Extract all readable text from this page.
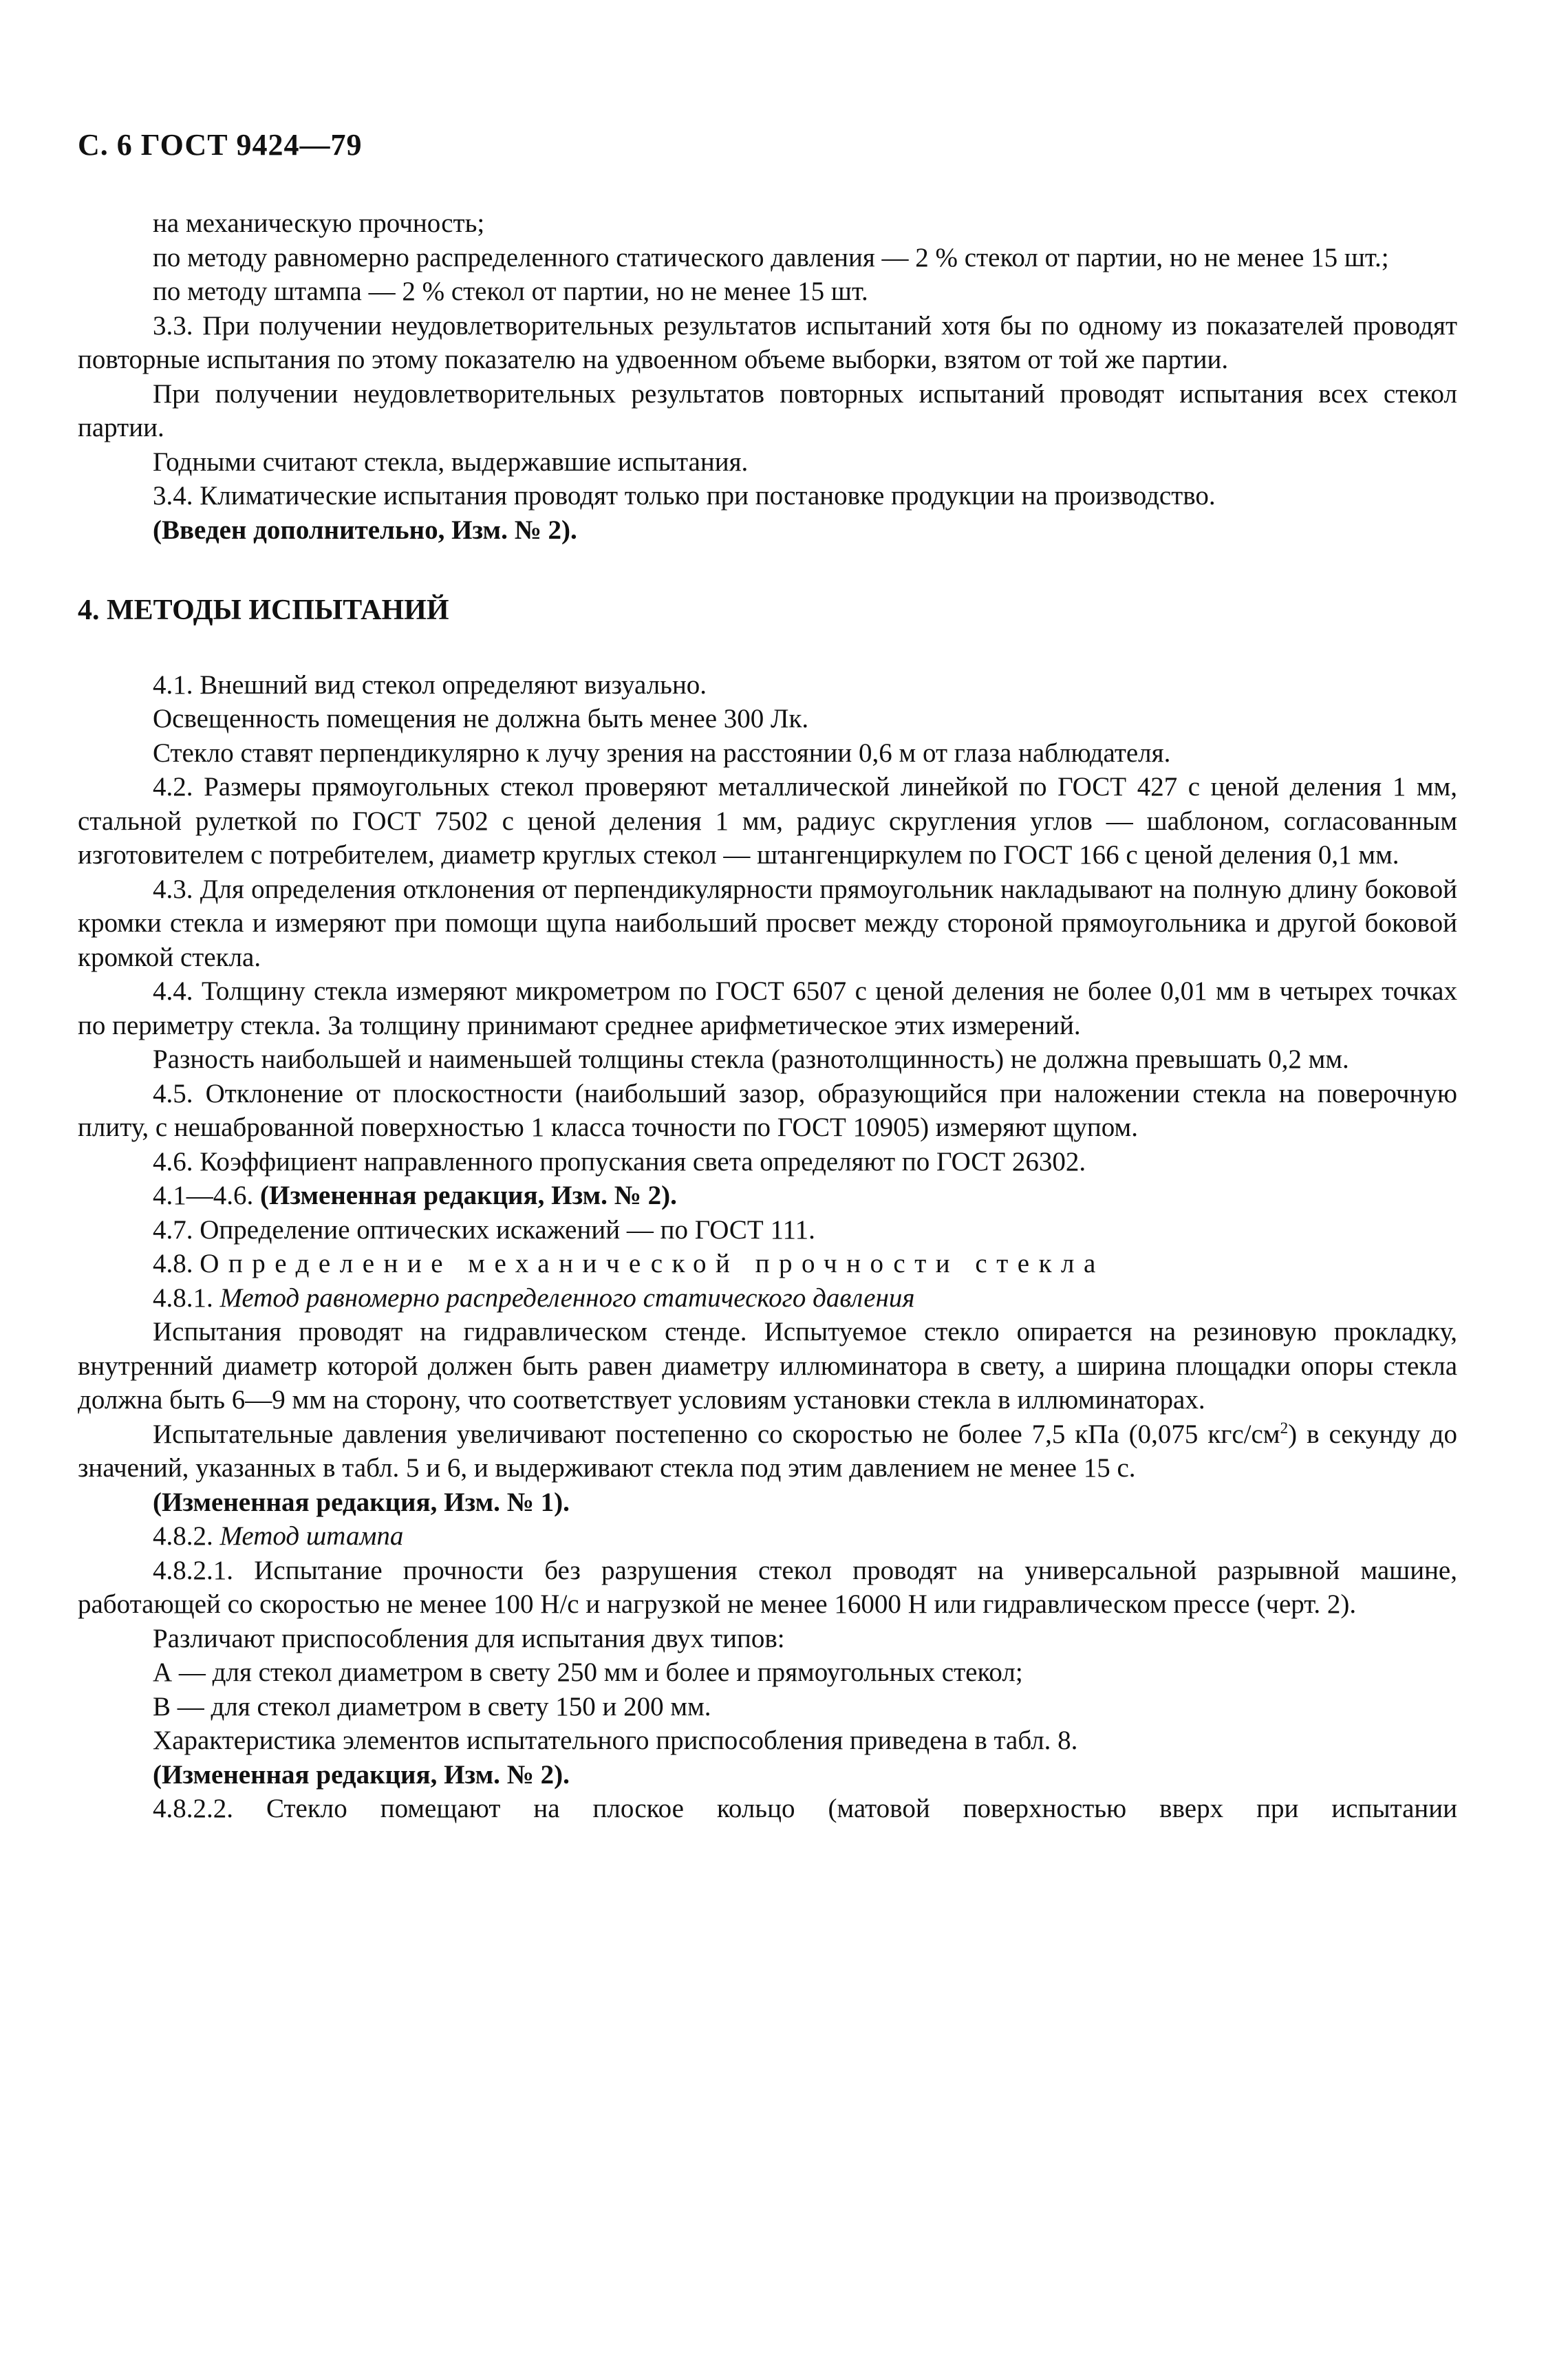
С. 6 ГОСТ 9424—79

на механическую прочность;

по методу равномерно распределенного статического давления — 2 % стекол от партии, но не менее 15 шт.;

по методу штампа — 2 % стекол от партии, но не менее 15 шт.

3.3. При получении неудовлетворительных результатов испытаний хотя бы по одному из показателей проводят повторные испытания по этому показателю на удвоенном объеме выборки, взятом от той же партии.

При получении неудовлетворительных результатов повторных испытаний проводят испытания всех стекол партии.

Годными считают стекла, выдержавшие испытания.

3.4. Климатические испытания проводят только при постановке продукции на производство.

(Введен дополнительно, Изм. № 2).

4. МЕТОДЫ ИСПЫТАНИЙ

4.1. Внешний вид стекол определяют визуально.

Освещенность помещения не должна быть менее 300 Лк.

Стекло ставят перпендикулярно к лучу зрения на расстоянии 0,6 м от глаза наблюдателя.

4.2. Размеры прямоугольных стекол проверяют металлической линейкой по ГОСТ 427 с ценой деления 1 мм, стальной рулеткой по ГОСТ 7502 с ценой деления 1 мм, радиус скругления углов — шаблоном, согласованным изготовителем с потребителем, диаметр круглых стекол — штангенциркулем по ГОСТ 166 с ценой деления 0,1 мм.

4.3. Для определения отклонения от перпендикулярности прямоугольник накладывают на полную длину боковой кромки стекла и измеряют при помощи щупа наибольший просвет между стороной прямоугольника и другой боковой кромкой стекла.

4.4. Толщину стекла измеряют микрометром по ГОСТ 6507 с ценой деления не более 0,01 мм в четырех точках по периметру стекла. За толщину принимают среднее арифметическое этих измерений.

Разность наибольшей и наименьшей толщины стекла (разнотолщинность) не должна превышать 0,2 мм.

4.5. Отклонение от плоскостности (наибольший зазор, образующийся при наложении стекла на поверочную плиту, с нешаброванной поверхностью 1 класса точности по ГОСТ 10905) измеряют щупом.

4.6. Коэффициент направленного пропускания света определяют по ГОСТ 26302.

4.1—4.6. (Измененная редакция, Изм. № 2).

4.7. Определение оптических искажений — по ГОСТ 111.

4.8. Определение механической прочности стекла

4.8.1. Метод равномерно распределенного статического давления

Испытания проводят на гидравлическом стенде. Испытуемое стекло опирается на резиновую прокладку, внутренний диаметр которой должен быть равен диаметру иллюминатора в свету, а ширина площадки опоры стекла должна быть 6—9 мм на сторону, что соответствует условиям установки стекла в иллюминаторах.

Испытательные давления увеличивают постепенно со скоростью не более 7,5 кПа (0,075 кгс/$см^2$) в секунду до значений, указанных в табл. 5 и 6, и выдерживают стекла под этим давлением не менее 15 с.

(Измененная редакция, Изм. № 1).

4.8.2. Метод штампа

4.8.2.1. Испытание прочности без разрушения стекол проводят на универсальной разрывной машине, работающей со скоростью не менее 100 Н/с и нагрузкой не менее 16000 Н или гидравлическом прессе (черт. 2).

Различают приспособления для испытания двух типов:

А — для стекол диаметром в свету 250 мм и более и прямоугольных стекол;

В — для стекол диаметром в свету 150 и 200 мм.

Характеристика элементов испытательного приспособления приведена в табл. 8.

(Измененная редакция, Изм. № 2).

4.8.2.2. Стекло помещают на плоское кольцо (матовой поверхностью вверх при испытании
